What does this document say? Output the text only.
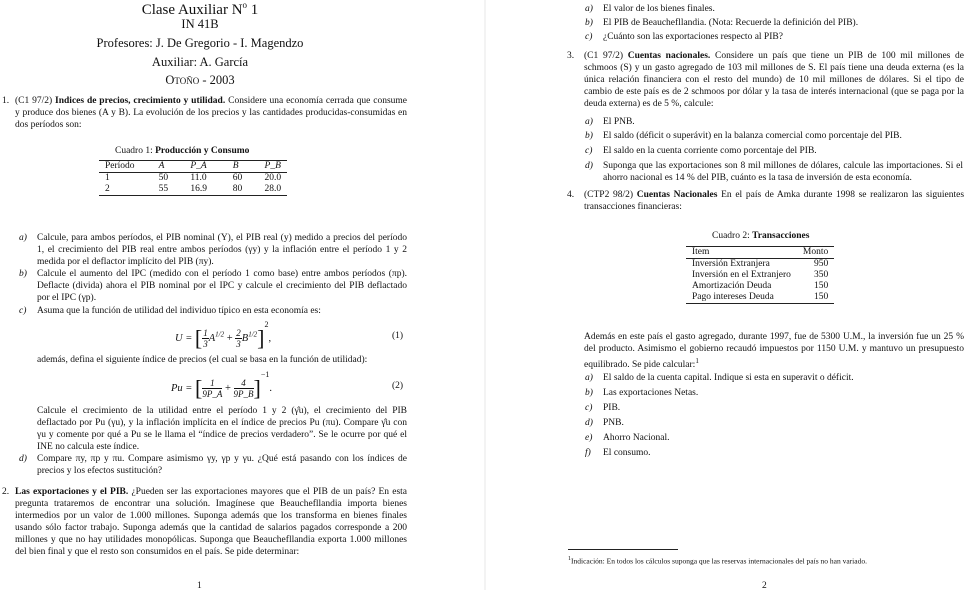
Clase Auxiliar $N^o$ 1
IN 41B
Profesores: J. De Gregorio - I. Magendzo
Auxiliar: A. García
Otoño - 2003
1. (C1 97/2) Indices de precios, crecimiento y utilidad. Considere una economía cerrada que consume y produce dos bienes (A y B). La evolución de los precios y las cantidades producidas-consumidas en dos períodos son:
Cuadro 1: Producción y Consumo
Período	A	P_A	B	P_B
1	50	11.0	60	20.0
2	55	16.9	80	28.0
a) Calcule, para ambos períodos, el PIB nominal (Y), el PIB real (y) medido a precios del período 1, el crecimiento del PIB real entre ambos períodos (γy) y la inflación entre el período 1 y 2 medida por el deflactor implícito del PIB (πy).
b) Calcule el aumento del IPC (medido con el período 1 como base) entre ambos períodos (πp). Deflacte (divida) ahora el PIB nominal por el IPC y calcule el crecimiento del PIB deflactado por el IPC (γp).
c) Asuma que la función de utilidad del individuo típico en esta economía es:
U = [ $\frac{1}{3} A^{1/2} + \frac{2}{3} B^{1/2}]^2$,	(1)
además, defina el siguiente índice de precios (el cual se basa en la función de utilidad):
Pu = [ $\frac{1}{9P\_A} + \frac{4}{9P\_B} ]^{-1}$.	(2)
Calcule el crecimiento de la utilidad entre el período 1 y 2 (γ̂u), el crecimiento del PIB deflactado por Pu (γu), y la inflación implícita en el índice de precios Pu (πu). Compare γ̂u con γu y comente por qué a Pu se le llama el “índice de precios verdadero”. Se le ocurre por qué el INE no calcula este índice.
d) Compare πy, πp y πu. Compare asimismo γy, γp y γu. ¿Qué está pasando con los índices de precios y los efectos sustitución?
2. Las exportaciones y el PIB. ¿Pueden ser las exportaciones mayores que el PIB de un país? En esta pregunta trataremos de encontrar una solución. Imagínese que Beauchefllandia importa bienes intermedios por un valor de 1.000 millones. Suponga además que los transforma en bienes finales usando sólo factor trabajo. Suponga además que la cantidad de salarios pagados corresponde a 200 millones y que no hay utilidades monopólicas. Suponga que Beauchefllandia exporta 1.000 millones del bien final y que el resto son consumidos en el país. Se pide determinar:
1
a) El valor de los bienes finales.
b) El PIB de Beauchefllandia. (Nota: Recuerde la definición del PIB).
c) ¿Cuánto son las exportaciones respecto al PIB?
3. (C1 97/2) Cuentas nacionales. Considere un país que tiene un PIB de 100 mil millones de schmoos (S) y un gasto agregado de 103 mil millones de S. El país tiene una deuda externa (es la única relación financiera con el resto del mundo) de 10 mil millones de dólares. Si el tipo de cambio de este país es de 2 schmoos por dólar y la tasa de interés internacional (que se paga por la deuda externa) es de 5 %, calcule:
a) El PNB.
b) El saldo (déficit o superávit) en la balanza comercial como porcentaje del PIB.
c) El saldo en la cuenta corriente como porcentaje del PIB.
d) Suponga que las exportaciones son 8 mil millones de dólares, calcule las importaciones. Si el ahorro nacional es 14 % del PIB, cuánto es la tasa de inversión de esta economía.
4. (CTP2 98/2) Cuentas Nacionales En el país de Amka durante 1998 se realizaron las siguientes transacciones financieras:
Cuadro 2: Transacciones
Item	Monto
Inversión Extranjera	950
Inversión en el Extranjero	350
Amortización Deuda	150
Pago intereses Deuda	150
Además en este país el gasto agregado, durante 1997, fue de 5300 U.M., la inversión fue un 25 % del producto. Asimismo el gobierno recaudó impuestos por 1150 U.M. y mantuvo un presupuesto equilibrado. Se pide calcular:$^1$
a) El saldo de la cuenta capital. Indique si esta en superavit o déficit.
b) Las exportaciones Netas.
c) PIB.
d) PNB.
e) Ahorro Nacional.
f) El consumo.
$^1$Indicación: En todos los cálculos suponga que las reservas internacionales del país no han variado.
2
